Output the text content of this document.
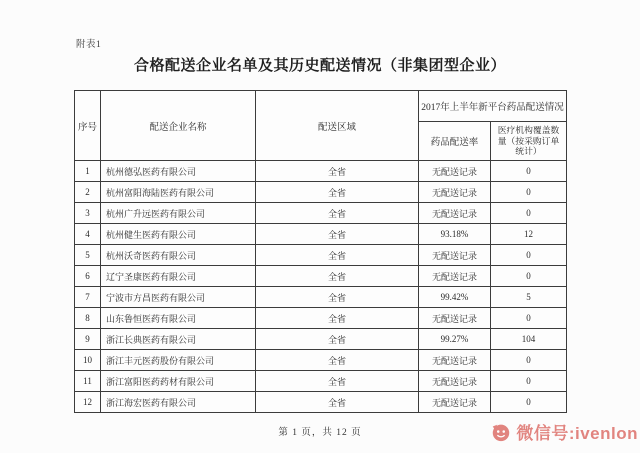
附表1
合格配送企业名单及其历史配送情况（非集团型企业）
序号	配送企业名称	配送区域	2017年上半年新平台药品配送情况	
			药品配送率	医疗机构覆盖数量（按采购订单统计）
1	杭州德弘医药有限公司	全省	无配送记录	0
2	杭州富阳海陆医药有限公司	全省	无配送记录	0
3	杭州广升远医药有限公司	全省	无配送记录	0
4	杭州健生医药有限公司	全省	93.18%	12
5	杭州沃奇医药有限公司	全省	无配送记录	0
6	辽宁圣康医药有限公司	全省	无配送记录	0
7	宁波市方昌医药有限公司	全省	99.42%	5
8	山东鲁恒医药有限公司	全省	无配送记录	0
9	浙江长典医药有限公司	全省	99.27%	104
10	浙江丰元医药股份有限公司	全省	无配送记录	0
11	浙江富阳医药药材有限公司	全省	无配送记录	0
12	浙江海宏医药有限公司	全省	无配送记录	0
第 1 页，共 12 页	微信号:ivenlon
